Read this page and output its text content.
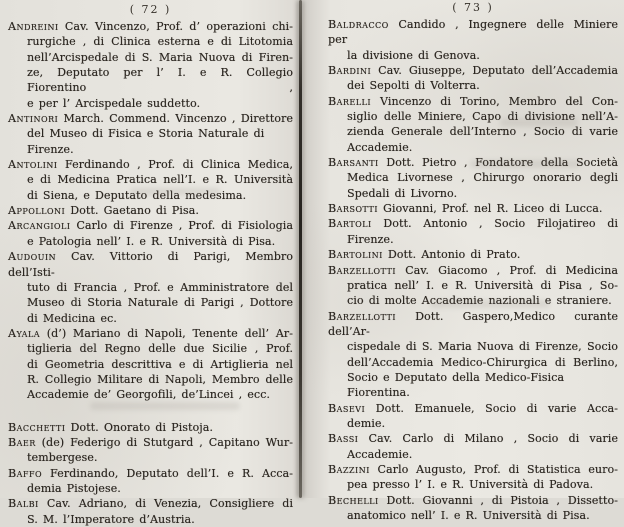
( 72 )
Andreini Cav. Vincenzo, Prof. d’ operazioni chi-
rurgiche , di Clinica esterna e di Litotomia
nell’Arcispedale di S. Maria Nuova di Firen-
ze, Deputato per l’ I. e R. Collegio Fiorentino ,
e per l’ Arcispedale suddetto.
Antinori March. Commend. Vincenzo , Direttore
del Museo di Fisica e Storia Naturale di Firenze.
Antolini Ferdinando , Prof. di Clinica Medica,
e di Medicina Pratica nell’I. e R. Università
di Siena, e Deputato della medesima.
Appolloni Dott. Gaetano di Pisa.
Arcangioli Carlo di Firenze , Prof. di Fisiologia
e Patologia nell’ I. e R. Università di Pisa.
Audouin Cav. Vittorio di Parigi, Membro dell’Isti-
tuto di Francia , Prof. e Amministratore del
Museo di Storia Naturale di Parigi , Dottore
di Medicina ec.
Ayala (d’) Mariano di Napoli, Tenente dell’ Ar-
tiglieria del Regno delle due Sicilie , Prof.
di Geometria descrittiva e di Artiglieria nel
R. Collegio Militare di Napoli, Membro delle
Accademie de’ Georgofili, de’Lincei , ecc.
Bacchetti Dott. Onorato di Pistoja.
Baer (de) Federigo di Stutgard , Capitano Wur-
tembergese.
Baffo Ferdinando, Deputato dell’I. e R. Acca-
demia Pistojese.
Balbi Cav. Adriano, di Venezia, Consigliere di
S. M. l’Imperatore d’Austria.
( 73 )
Baldracco Candido , Ingegnere delle Miniere per
la divisione di Genova.
Bardini Cav. Giuseppe, Deputato dell’Accademia
dei Sepolti di Volterra.
Barelli Vincenzo di Torino, Membro del Con-
siglio delle Miniere, Capo di divisione nell’A-
zienda Generale dell’Interno , Socio di varie
Accademie.
Barsanti Dott. Pietro , Fondatore della Società
Medica Livornese , Chirurgo onorario degli
Spedali di Livorno.
Barsotti Giovanni, Prof. nel R. Liceo di Lucca.
Bartoli Dott. Antonio , Socio Filojatireo di
Firenze.
Bartolini Dott. Antonio di Prato.
Barzellotti Cav. Giacomo , Prof. di Medicina
pratica nell’ I. e R. Università di Pisa , So-
cio di molte Accademie nazionali e straniere.
Barzellotti Dott. Gaspero,Medico curante dell’Ar-
cispedale di S. Maria Nuova di Firenze, Socio
dell’Accademia Medico-Chirurgica di Berlino,
Socio e Deputato della Medico-Fisica Fiorentina.
Basevi Dott. Emanuele, Socio di varie Acca-
demie.
Bassi Cav. Carlo di Milano , Socio di varie
Accademie.
Bazzini Carlo Augusto, Prof. di Statistica euro-
pea presso l’ I. e R. Università di Padova.
Bechelli Dott. Giovanni , di Pistoia , Dissetto-
anatomico nell’ I. e R. Università di Pisa.
